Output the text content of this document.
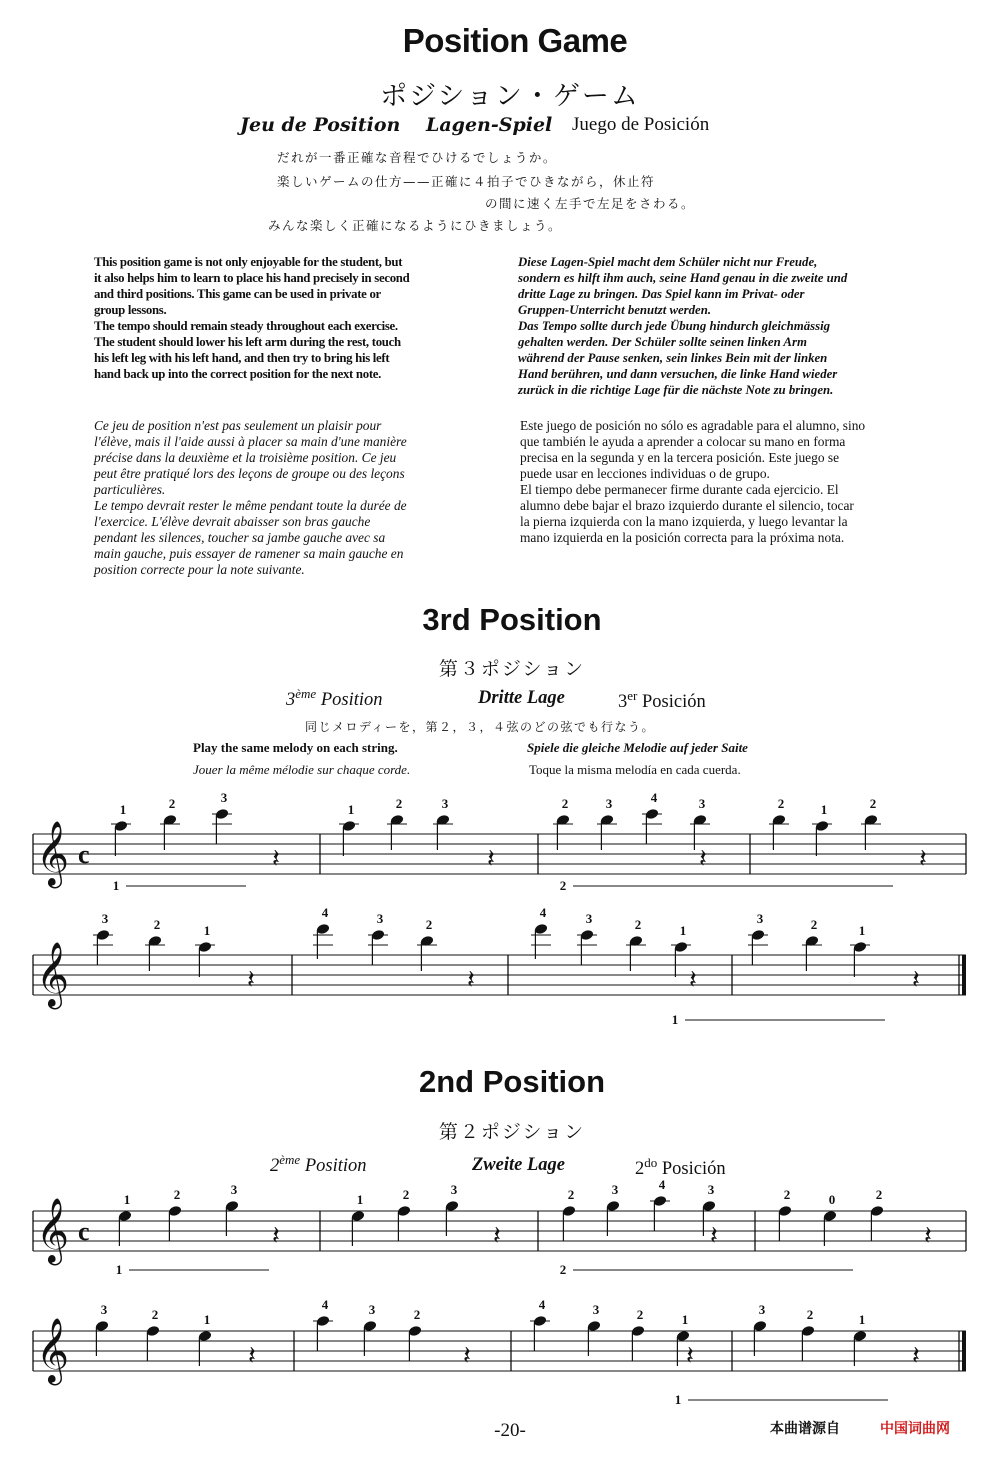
Position Game
ポジション・ゲーム
Jeu de Position Lagen-Spiel Juego de Posición
だれが一番正確な音程でひけるでしょうか。
楽しいゲームの仕方——正確に４拍子でひきながら，休止符
の間に速く左手で左足をさわる。
みんな楽しく正確になるようにひきましょう。
This position game is not only enjoyable for the student, but
it also helps him to learn to place his hand precisely in second
and third positions. This game can be used in private or
group lessons.
The tempo should remain steady throughout each exercise.
The student should lower his left arm during the rest, touch
his left leg with his left hand, and then try to bring his left
hand back up into the correct position for the next note.
Diese Lagen-Spiel macht dem Schüler nicht nur Freude,
sondern es hilft ihm auch, seine Hand genau in die zweite und
dritte Lage zu bringen. Das Spiel kann im Privat- oder
Gruppen-Unterricht benutzt werden.
Das Tempo sollte durch jede Übung hindurch gleichmässig
gehalten werden. Der Schüler sollte seinen linken Arm
während der Pause senken, sein linkes Bein mit der linken
Hand berühren, und dann versuchen, die linke Hand wieder
zurück in die richtige Lage für die nächste Note zu bringen.
Ce jeu de position n'est pas seulement un plaisir pour
l'élève, mais il l'aide aussi à placer sa main d'une manière
précise dans la deuxième et la troisième position. Ce jeu
peut être pratiqué lors des leçons de groupe ou des leçons
particulières.
Le tempo devrait rester le même pendant toute la durée de
l'exercice. L'élève devrait abaisser son bras gauche
pendant les silences, toucher sa jambe gauche avec sa
main gauche, puis essayer de ramener sa main gauche en
position correcte pour la note suivante.
Este juego de posición no sólo es agradable para el alumno, sino
que también le ayuda a aprender a colocar su mano en forma
precisa en la segunda y en la tercera posición. Este juego se
puede usar en lecciones individuas o de grupo.
El tiempo debe permanecer firme durante cada ejercicio. El
alumno debe bajar el brazo izquierdo durante el silencio, tocar
la pierna izquierda con la mano izquierda, y luego levantar la
mano izquierda en la posición correcta para la próxima nota.
3rd Position
第３ポジション
3ème Position	Dritte Lage	3er Posición
同じメロディーを，第２，３，４弦のどの弦でも行なう。
Play the same melody on each string.	Spiele die gleiche Melodie auf jeder Saite
Jouer la même mélodie sur chaque corde.	Toque la misma melodía en cada cuerda.
2nd Position
第２ポジション
2ème Position	Zweite Lage	$2^{do}$ Posición
𝄞 c
1	2	3
1	2	3	2	3	4	3	2	1	2
𝄽	𝄽	𝄽	𝄽
1	2
𝄞
3	2	1
4	3	2
4	3	2	1
3	2	1
𝄽	𝄽	𝄽	𝄽
1
𝄞 c
1	2	3
1	2	3	2	3	4	3	2	0	2
𝄽	𝄽	𝄽	𝄽
1	2
𝄞
3	2	1
4	3	2
4	3	2	1
3	2	1
𝄽	𝄽	𝄽	𝄽
1
-20-	本曲谱源自	中国词曲网
